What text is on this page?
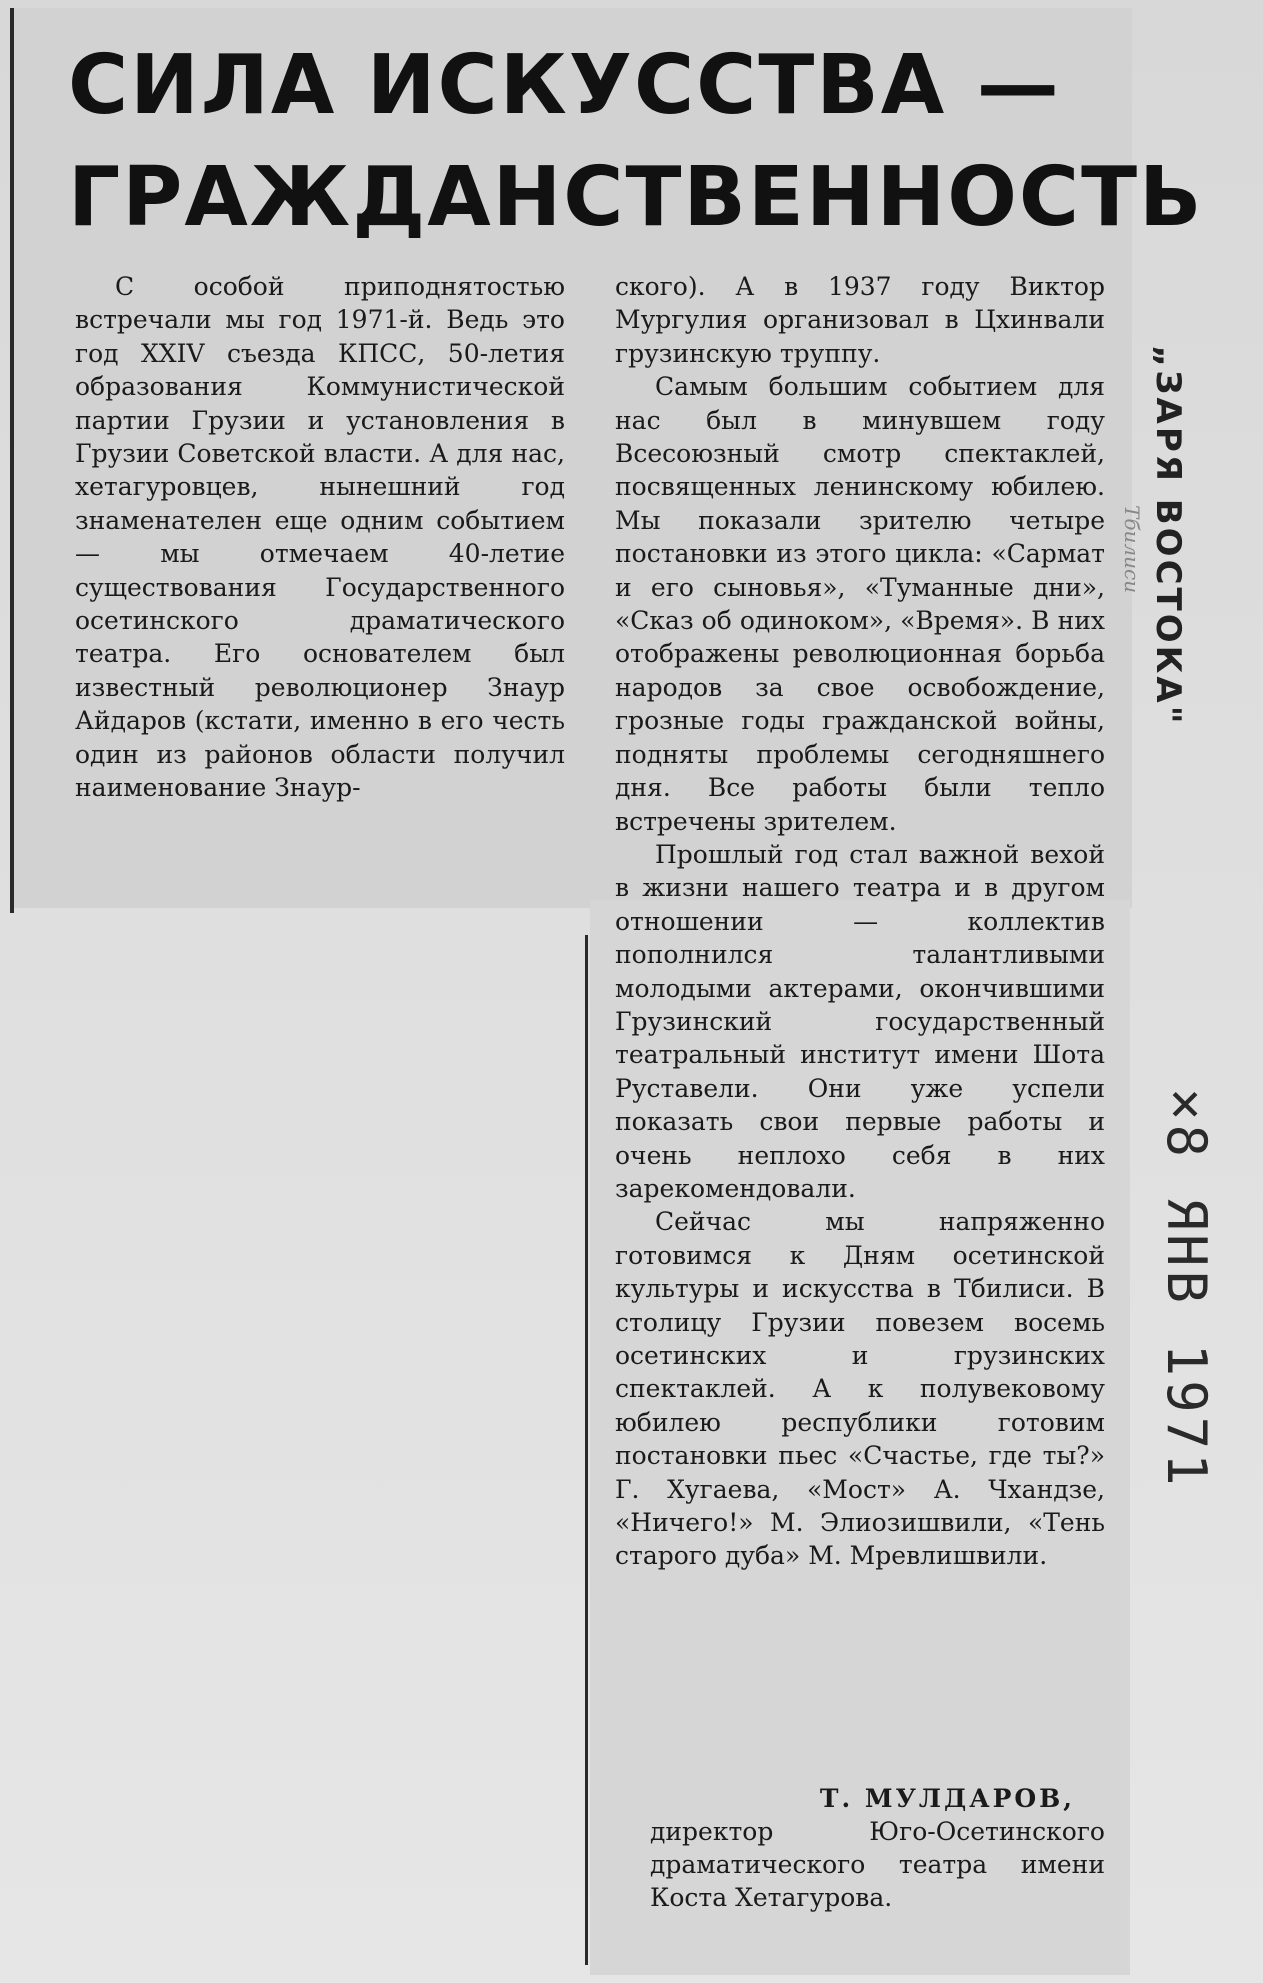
СИЛА ИСКУССТВА —
ГРАЖДАНСТВЕННОСТЬ

С особой приподнятостью встречали мы год 1971-й. Ведь это год XXIV съезда КПСС, 50-летия образования Коммунистической партии Грузии и установления в Грузии Советской власти. А для нас, хетагуровцев, нынешний год знаменателен еще одним событием — мы отмечаем 40-летие существования Государственного осетинского драматического театра. Его основателем был известный революционер Знаур Айдаров (кстати, именно в его честь один из районов области получил наименование Знаур-

ского). А в 1937 году Виктор Мургулия организовал в Цхинвали грузинскую труппу.

Самым большим событием для нас был в минувшем году Всесоюзный смотр спектаклей, посвященных ленинскому юбилею. Мы показали зрителю четыре постановки из этого цикла: «Сармат и его сыновья», «Туманные дни», «Сказ об одиноком», «Время». В них отображены революционная борьба народов за свое освобождение, грозные годы гражданской войны, подняты проблемы сегодняшнего дня. Все работы были тепло встречены зрителем.

Прошлый год стал важной вехой в жизни нашего театра и в другом отношении — коллектив пополнился талантливыми молодыми актерами, окончившими Грузинский государственный театральный институт имени Шота Руставели. Они уже успели показать свои первые работы и очень неплохо себя в них зарекомендовали.

Сейчас мы напряженно готовимся к Дням осетинской культуры и искусства в Тбилиси. В столицу Грузии повезем восемь осетинских и грузинских спектаклей. А к полувековому юбилею республики готовим постановки пьес «Счастье, где ты?» Г. Хугаева, «Мост» А. Чхандзе, «Ничего!» М. Элиозишвили, «Тень старого дуба» М. Мревлишвили.

Т. МУЛДАРОВ,
директор Юго-Осетинского драматического театра имени Коста Хетагурова.
„ЗАРЯ ВОСТОКА"
Тбилиси
×8 ЯНВ 1971
